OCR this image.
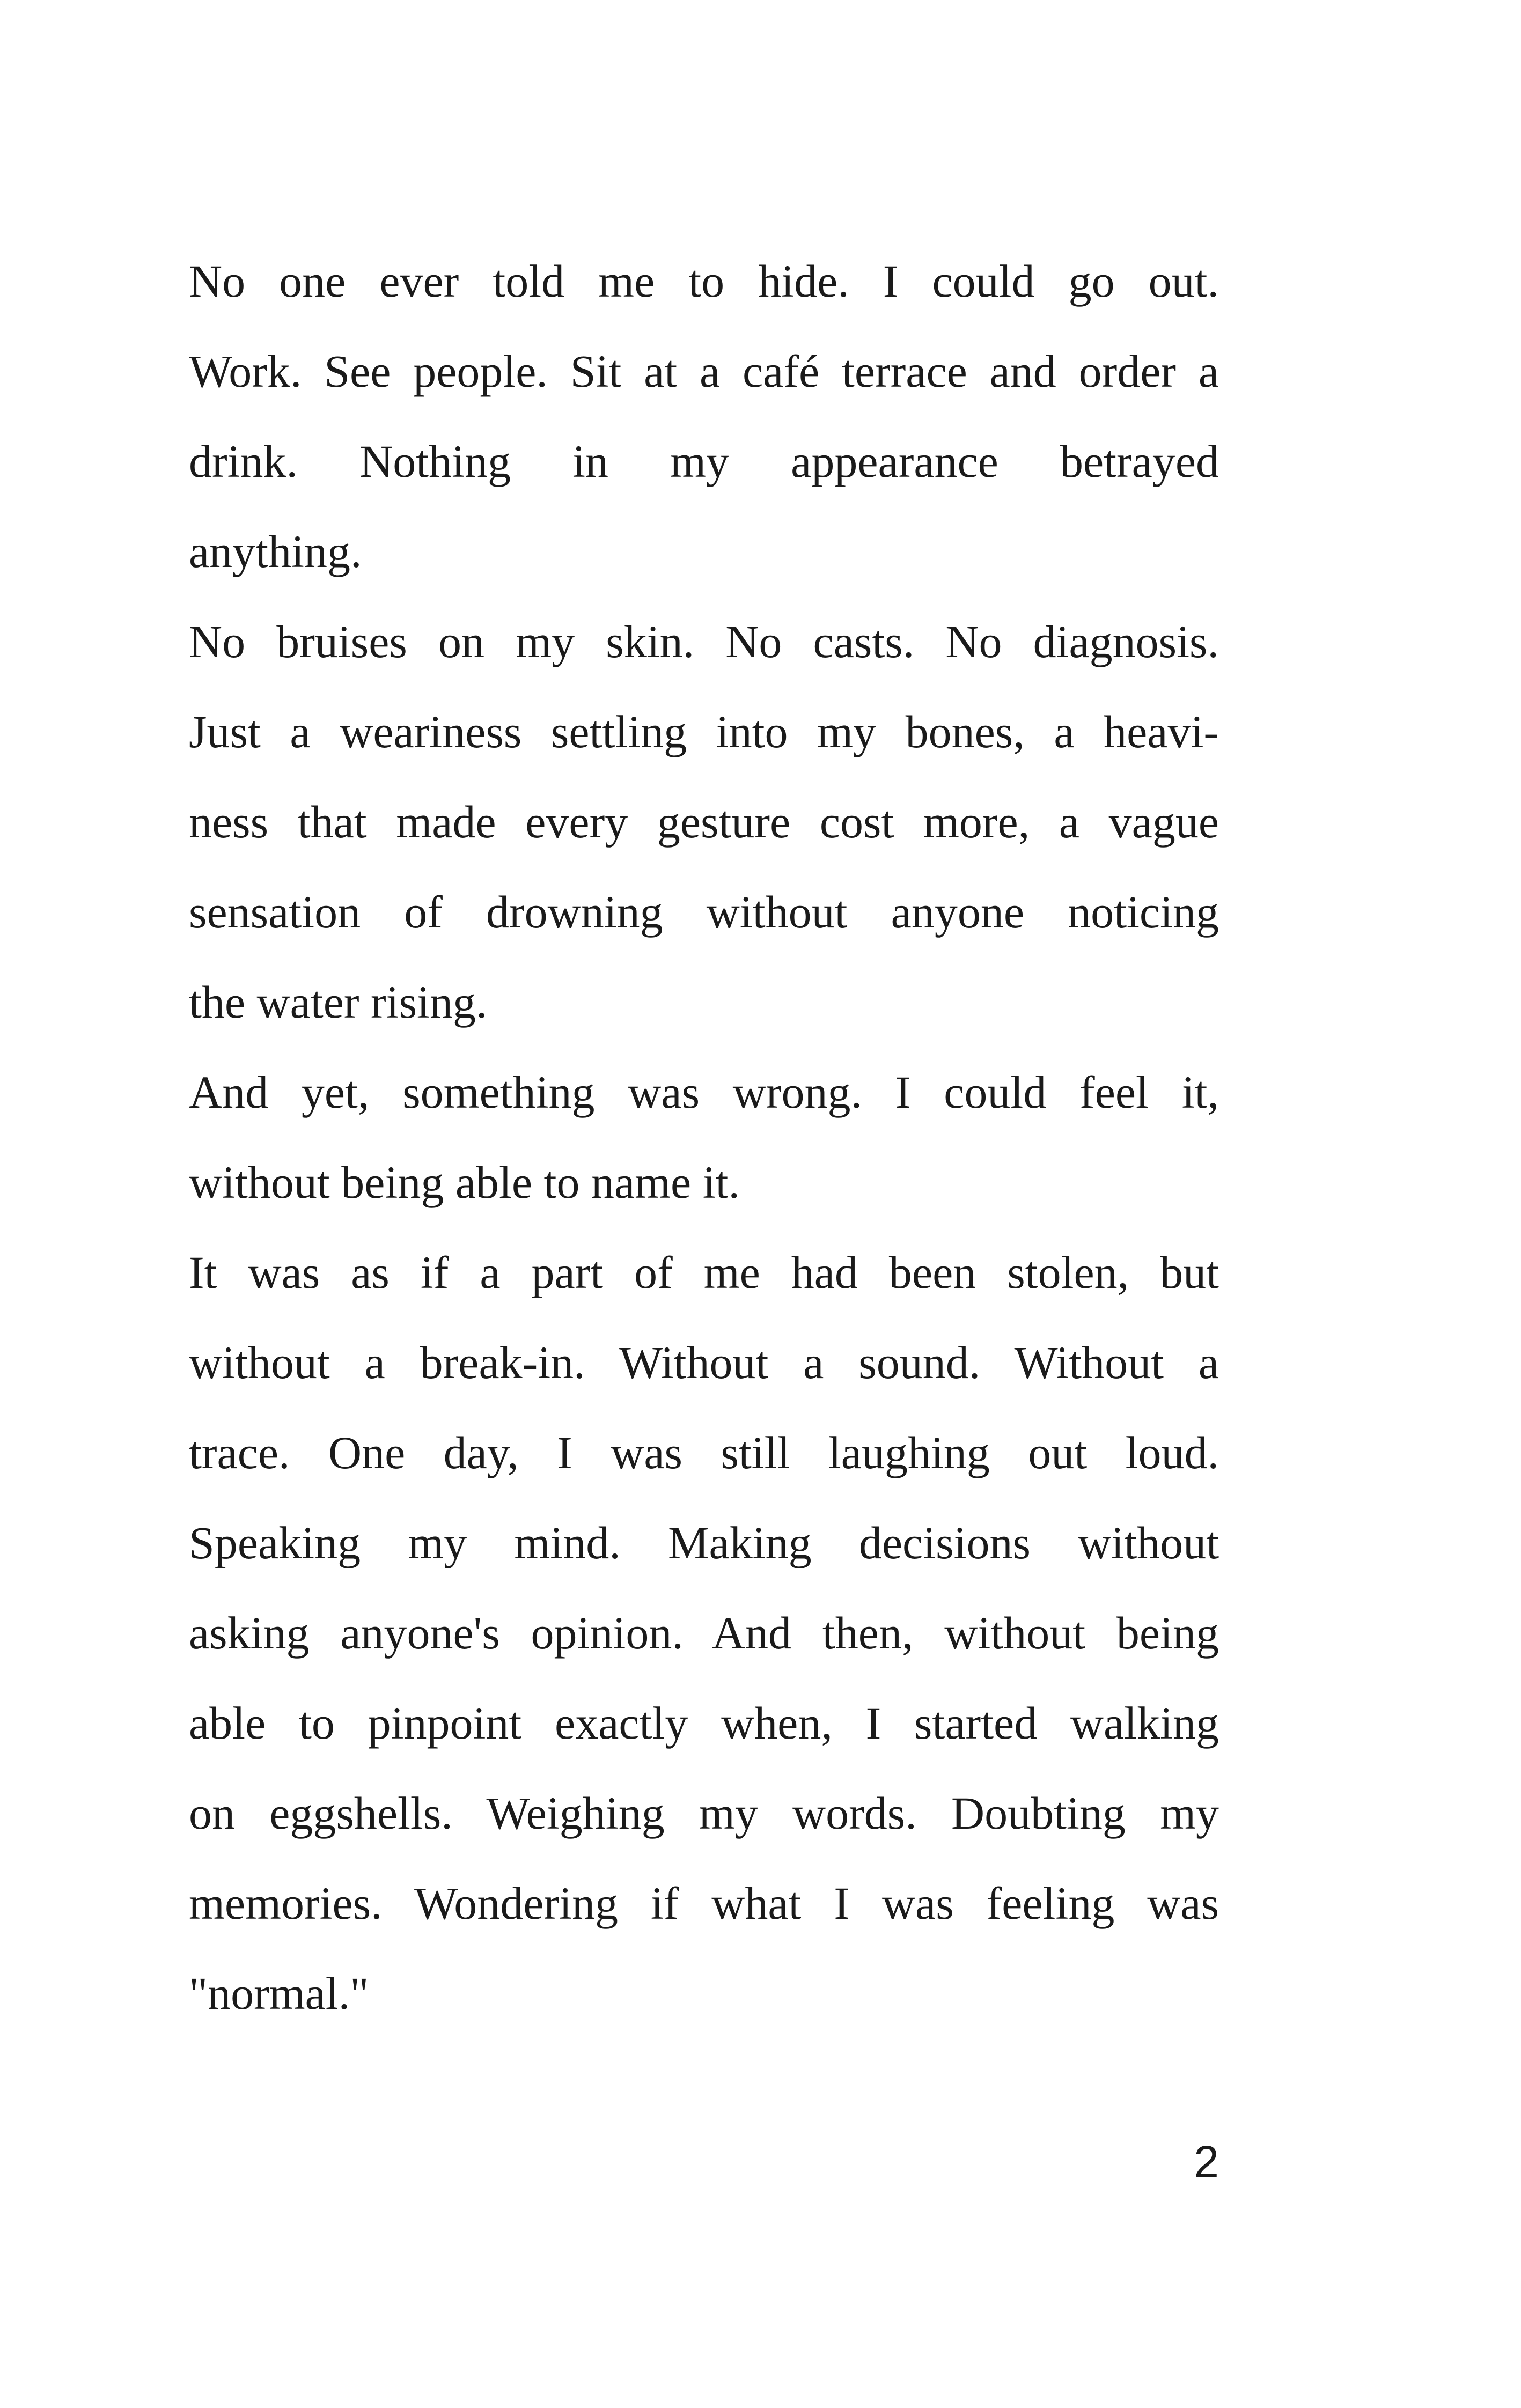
No one ever told me to hide. I could go out.
Work. See people. Sit at a café terrace and order a
drink. Nothing in my appearance betrayed
anything.

No bruises on my skin. No casts. No diagnosis.
Just a weariness settling into my bones, a heavi-
ness that made every gesture cost more, a vague
sensation of drowning without anyone noticing
the water rising.

And yet, something was wrong. I could feel it,
without being able to name it.

It was as if a part of me had been stolen, but
without a break-in. Without a sound. Without a
trace. One day, I was still laughing out loud.
Speaking my mind. Making decisions without
asking anyone's opinion. And then, without being
able to pinpoint exactly when, I started walking
on eggshells. Weighing my words. Doubting my
memories. Wondering if what I was feeling was
"normal."

2
